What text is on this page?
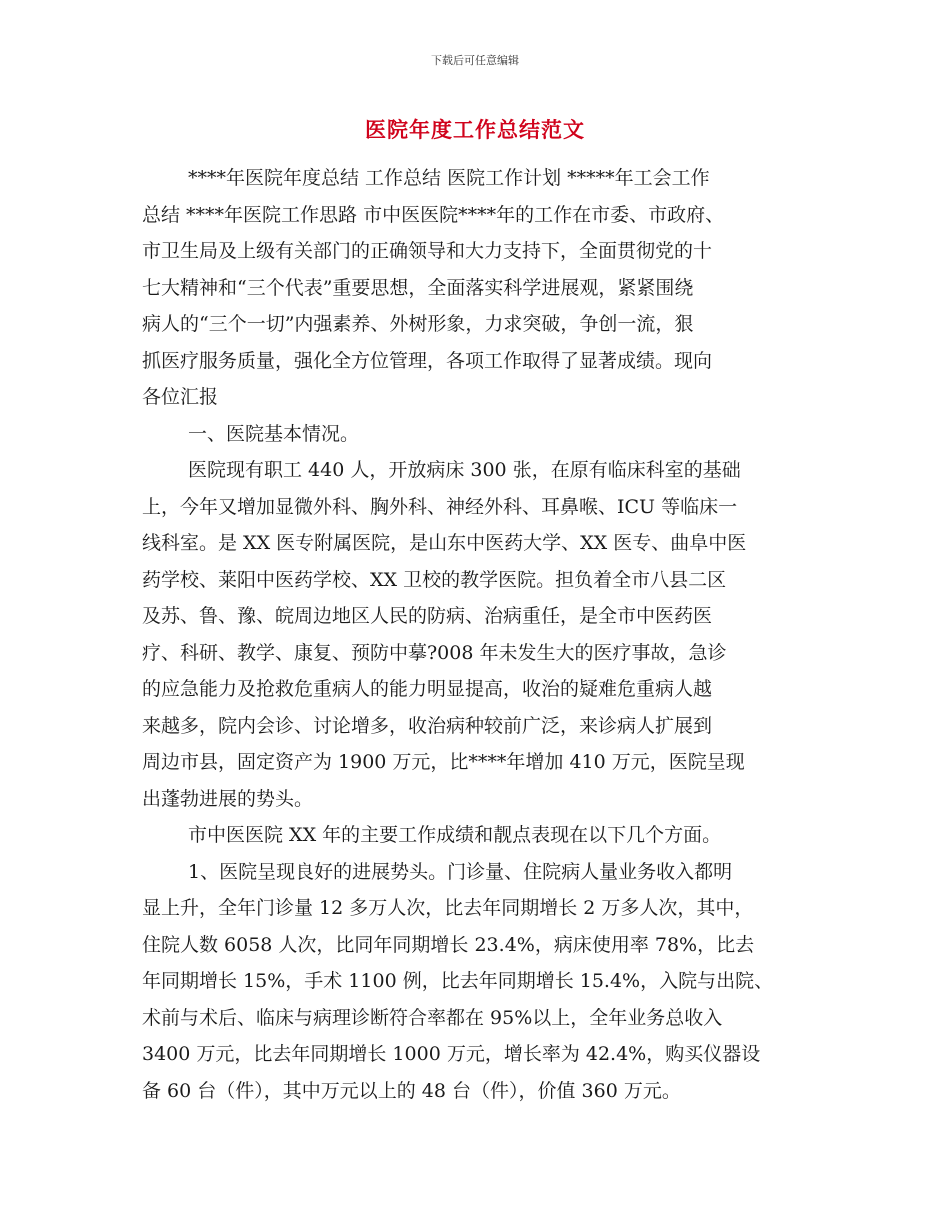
下载后可任意编辑
医院年度工作总结范文
****年医院年度总结 工作总结 医院工作计划 *****年工会工作
总结 ****年医院工作思路 市中医医院****年的工作在市委、市政府、
市卫生局及上级有关部门的正确领导和大力支持下，全面贯彻党的十
七大精神和“三个代表”重要思想，全面落实科学进展观，紧紧围绕
病人的“三个一切”内强素养、外树形象，力求突破，争创一流，狠
抓医疗服务质量，强化全方位管理，各项工作取得了显著成绩。现向
各位汇报
一、医院基本情况。
医院现有职工 440 人，开放病床 300 张，在原有临床科室的基础
上，今年又增加显微外科、胸外科、神经外科、耳鼻喉、ICU 等临床一
线科室。是 XX 医专附属医院，是山东中医药大学、XX 医专、曲阜中医
药学校、莱阳中医药学校、XX 卫校的教学医院。担负着全市八县二区
及苏、鲁、豫、皖周边地区人民的防病、治病重任，是全市中医药医
疗、科研、教学、康复、预防中摹?008 年未发生大的医疗事故，急诊
的应急能力及抢救危重病人的能力明显提高，收治的疑难危重病人越
来越多，院内会诊、讨论增多，收治病种较前广泛，来诊病人扩展到
周边市县，固定资产为 1900 万元，比****年增加 410 万元，医院呈现
出蓬勃进展的势头。
市中医医院 XX 年的主要工作成绩和靓点表现在以下几个方面。
1、医院呈现良好的进展势头。门诊量、住院病人量业务收入都明
显上升，全年门诊量 12 多万人次，比去年同期增长 2 万多人次，其中，
住院人数 6058 人次，比同年同期增长 23.4%，病床使用率 78%，比去
年同期增长 15%，手术 1100 例，比去年同期增长 15.4%，入院与出院、
术前与术后、临床与病理诊断符合率都在 95%以上，全年业务总收入
3400 万元，比去年同期增长 1000 万元，增长率为 42.4%，购买仪器设
备 60 台（件），其中万元以上的 48 台（件），价值 360 万元。
